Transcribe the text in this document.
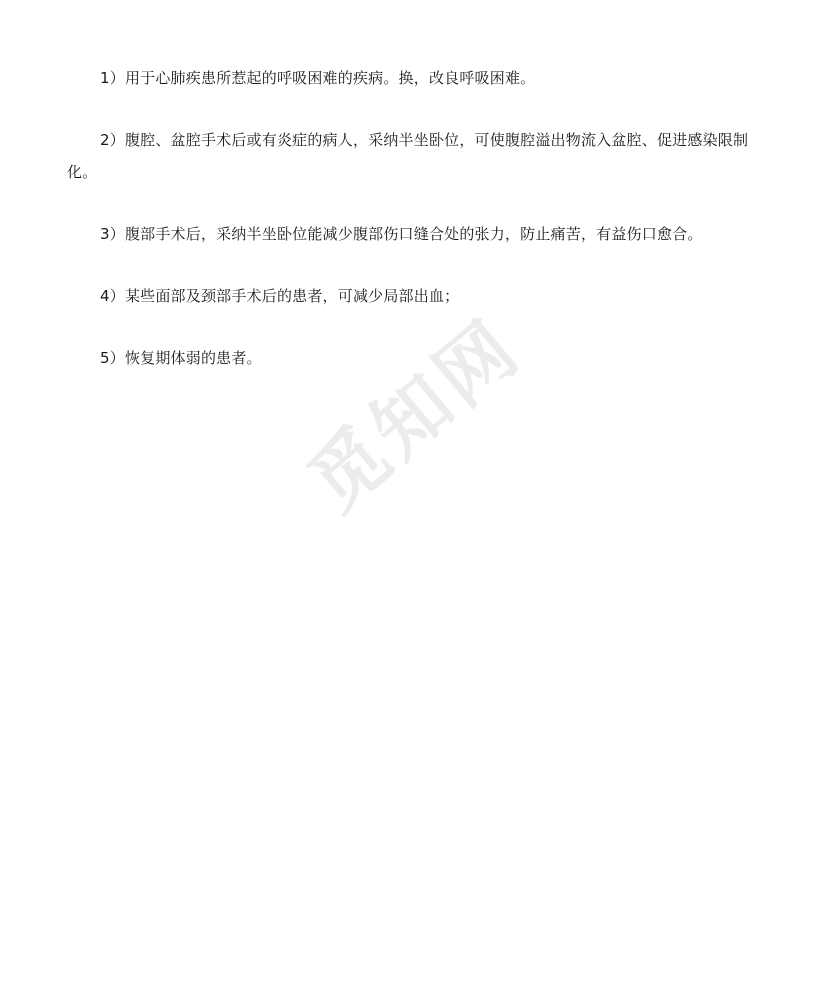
觅知网

1）用于心肺疾患所惹起的呼吸困难的疾病。换，改良呼吸困难。

2）腹腔、盆腔手术后或有炎症的病人，采纳半坐卧位，可使腹腔溢出物流入盆腔、促进感染限制化。

3）腹部手术后，采纳半坐卧位能减少腹部伤口缝合处的张力，防止痛苦，有益伤口愈合。

4）某些面部及颈部手术后的患者，可减少局部出血；

5）恢复期体弱的患者。
